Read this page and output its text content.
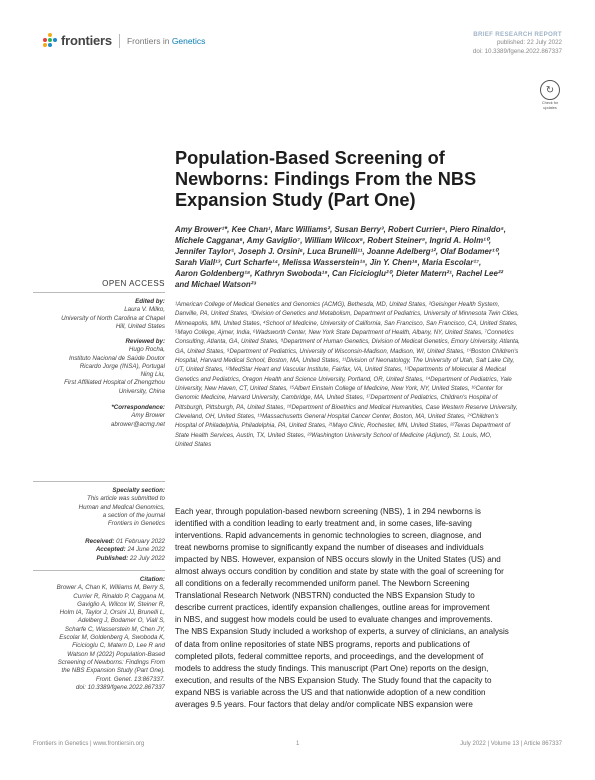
frontiers Frontiers in Genetics
BRIEF RESEARCH REPORT
published: 22 July 2022
doi: 10.3389/fgene.2022.867337
↻
Check for updates
Population-Based Screening of Newborns: Findings From the NBS Expansion Study (Part One)
Amy Brower¹*, Kee Chan¹, Marc Williams², Susan Berry³, Robert Currier⁴, Piero Rinaldo⁵,
Michele Caggana⁶, Amy Gaviglio⁷, William Wilcox⁸, Robert Steiner⁹, Ingrid A. Holm¹⁰,
Jennifer Taylor¹, Joseph J. Orsini⁶, Luca Brunelli¹¹, Joanne Adelberg¹², Olaf Bodamer¹⁰,
Sarah Viall¹³, Curt Scharfe¹⁴, Melissa Wasserstein¹⁵, Jin Y. Chen¹⁶, Maria Escolar¹⁷,
Aaron Goldenberg¹⁸, Kathryn Swoboda¹⁹, Can Ficicioglu²⁰, Dieter Matern²¹, Rachel Lee²²
and Michael Watson²³
¹American College of Medical Genetics and Genomics (ACMG), Bethesda, MD, United States, ²Geisinger Health System,
Danville, PA, United States, ³Division of Genetics and Metabolism, Department of Pediatrics, University of Minnesota Twin Cities,
Minneapolis, MN, United States, ⁴School of Medicine, University of California, San Francisco, San Francisco, CA, United States,
⁵Mayo College, Ajmer, India, ⁶Wadsworth Center, New York State Department of Health, Albany, NY, United States, ⁷Connetics
Consulting, Atlanta, GA, United States, ⁸Department of Human Genetics, Division of Medical Genetics, Emory University, Atlanta,
GA, United States, ⁹Department of Pediatrics, University of Wisconsin-Madison, Madison, WI, United States, ¹⁰Boston Children's
Hospital, Harvard Medical School, Boston, MA, United States, ¹¹Division of Neonatology, The University of Utah, Salt Lake City,
UT, United States, ¹²MedStar Heart and Vascular Institute, Fairfax, VA, United States, ¹³Departments of Molecular & Medical
Genetics and Pediatrics, Oregon Health and Science University, Portland, OR, United States, ¹⁴Department of Pediatrics, Yale
University, New Haven, CT, United States, ¹⁵Albert Einstein College of Medicine, New York, NY, United States, ¹⁶Center for
Genomic Medicine, Harvard University, Cambridge, MA, United States, ¹⁷Department of Pediatrics, Children's Hospital of
Pittsburgh, Pittsburgh, PA, United States, ¹⁸Department of Bioethics and Medical Humanities, Case Western Reserve University,
Cleveland, OH, United States, ¹⁹Massachusetts General Hospital Cancer Center, Boston, MA, United States, ²⁰Children's
Hospital of Philadelphia, Philadelphia, PA, United States, ²¹Mayo Clinic, Rochester, MN, United States, ²²Texas Department of
State Health Services, Austin, TX, United States, ²³Washington University School of Medicine (Adjunct), St. Louis, MO,
United States
OPEN ACCESS
Edited by:
Laura V. Milko,
University of North Carolina at Chapel
Hill, United States
Reviewed by:
Hugo Rocha,
Instituto Nacional de Saúde Doutor
Ricardo Jorge (INSA), Portugal
Ning Liu,
First Affiliated Hospital of Zhengzhou
University, China
*Correspondence:
Amy Brower
abrower@acmg.net
Specialty section:
This article was submitted to
Human and Medical Genomics,
a section of the journal
Frontiers in Genetics
Received: 01 February 2022
Accepted: 24 June 2022
Published: 22 July 2022
Citation:
Brower A, Chan K, Williams M, Berry S,
Currier R, Rinaldo P, Caggana M,
Gaviglio A, Wilcox W, Steiner R,
Holm IA, Taylor J, Orsini JJ, Brunelli L,
Adelberg J, Bodamer O, Viall S,
Scharfe C, Wasserstein M, Chen JY,
Escolar M, Goldenberg A, Swoboda K,
Ficicioglu C, Matern D, Lee R and
Watson M (2022) Population-Based
Screening of Newborns: Findings From
the NBS Expansion Study (Part One).
Front. Genet. 13:867337.
doi: 10.3389/fgene.2022.867337
Each year, through population-based newborn screening (NBS), 1 in 294 newborns is
identified with a condition leading to early treatment and, in some cases, life-saving
interventions. Rapid advancements in genomic technologies to screen, diagnose, and
treat newborns promise to significantly expand the number of diseases and individuals
impacted by NBS. However, expansion of NBS occurs slowly in the United States (US) and
almost always occurs condition by condition and state by state with the goal of screening for
all conditions on a federally recommended uniform panel. The Newborn Screening
Translational Research Network (NBSTRN) conducted the NBS Expansion Study to
describe current practices, identify expansion challenges, outline areas for improvement
in NBS, and suggest how models could be used to evaluate changes and improvements.
The NBS Expansion Study included a workshop of experts, a survey of clinicians, an analysis
of data from online repositories of state NBS programs, reports and publications of
completed pilots, federal committee reports, and proceedings, and the development of
models to address the study findings. This manuscript (Part One) reports on the design,
execution, and results of the NBS Expansion Study. The Study found that the capacity to
expand NBS is variable across the US and that nationwide adoption of a new condition
averages 9.5 years. Four factors that delay and/or complicate NBS expansion were
Frontiers in Genetics | www.frontiersin.org	1	July 2022 | Volume 13 | Article 867337
